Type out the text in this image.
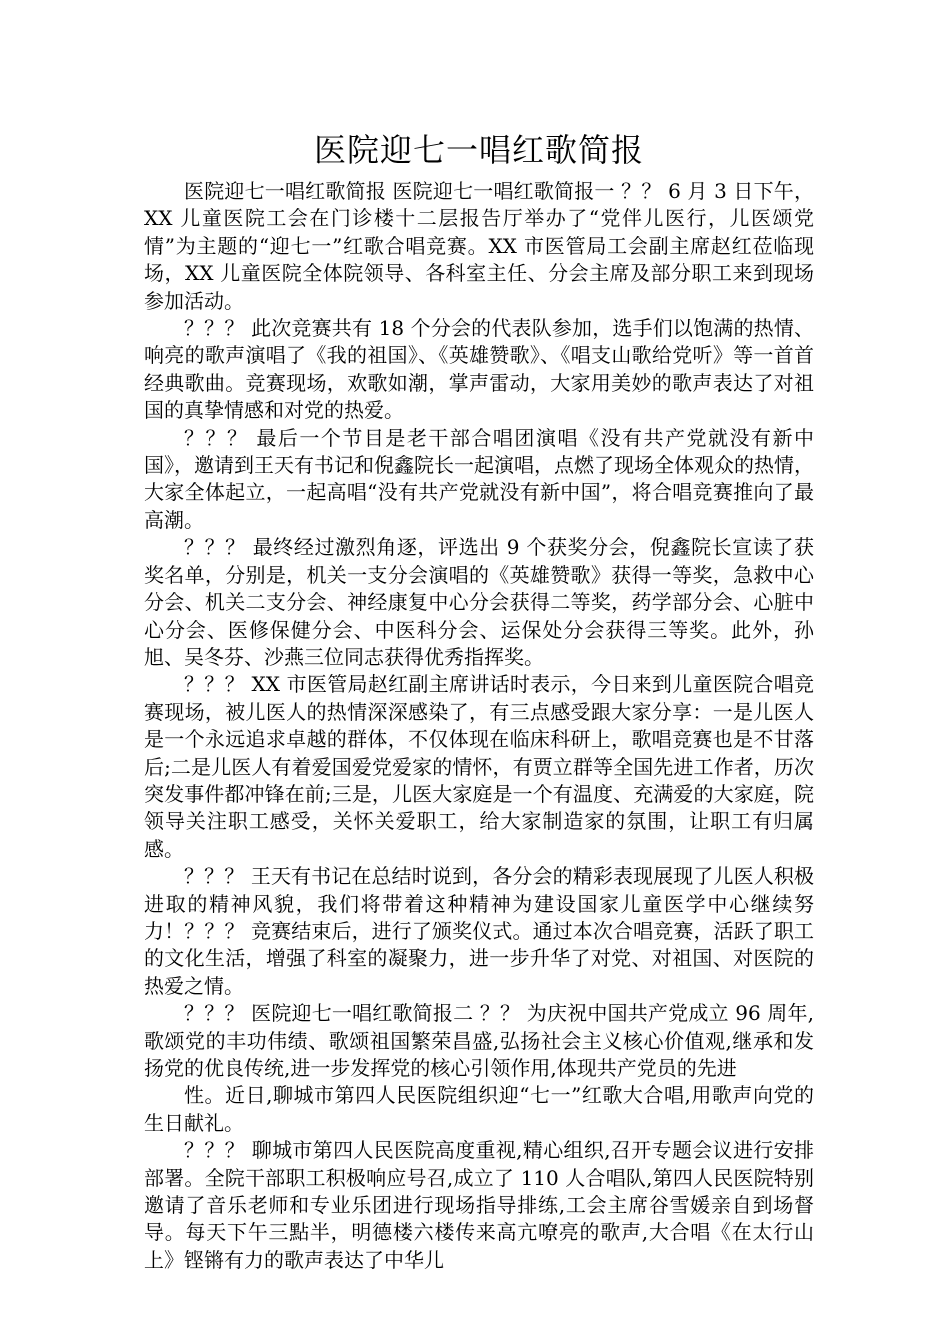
医院迎七一唱红歌简报

医院迎七一唱红歌简报 医院迎七一唱红歌简报一 ？？ 6 月 3 日下午，XX 儿童医院工会在门诊楼十二层报告厅举办了“党伴儿医行，儿医颂党情”为主题的“迎七一”红歌合唱竞赛。XX 市医管局工会副主席赵红莅临现场，XX 儿童医院全体院领导、各科室主任、分会主席及部分职工来到现场参加活动。

？？？ 此次竞赛共有 18 个分会的代表队参加，选手们以饱满的热情、响亮的歌声演唱了《我的祖国》、《英雄赞歌》、《唱支山歌给党听》等一首首经典歌曲。竞赛现场，欢歌如潮，掌声雷动，大家用美妙的歌声表达了对祖国的真挚情感和对党的热爱。

？？？ 最后一个节目是老干部合唱团演唱《没有共产党就没有新中国》，邀请到王天有书记和倪鑫院长一起演唱，点燃了现场全体观众的热情，大家全体起立，一起高唱“没有共产党就没有新中国”，将合唱竞赛推向了最高潮。

？？？ 最终经过激烈角逐，评选出 9 个获奖分会，倪鑫院长宣读了获奖名单，分别是，机关一支分会演唱的《英雄赞歌》获得一等奖，急救中心分会、机关二支分会、神经康复中心分会获得二等奖，药学部分会、心脏中心分会、医修保健分会、中医科分会、运保处分会获得三等奖。此外，孙旭、吴冬芬、沙燕三位同志获得优秀指挥奖。

？？？ XX 市医管局赵红副主席讲话时表示，今日来到儿童医院合唱竞赛现场，被儿医人的热情深深感染了，有三点感受跟大家分享：一是儿医人是一个永远追求卓越的群体，不仅体现在临床科研上，歌唱竞赛也是不甘落后;二是儿医人有着爱国爱党爱家的情怀，有贾立群等全国先进工作者，历次突发事件都冲锋在前;三是，儿医大家庭是一个有温度、充满爱的大家庭，院领导关注职工感受，关怀关爱职工，给大家制造家的氛围，让职工有归属感。

？？？ 王天有书记在总结时说到，各分会的精彩表现展现了儿医人积极进取的精神风貌，我们将带着这种精神为建设国家儿童医学中心继续努力！？？？ 竞赛结束后，进行了颁奖仪式。通过本次合唱竞赛，活跃了职工的文化生活，增强了科室的凝聚力，进一步升华了对党、对祖国、对医院的热爱之情。

？？？ 医院迎七一唱红歌简报二 ？？ 为庆祝中国共产党成立 96 周年,歌颂党的丰功伟绩、歌颂祖国繁荣昌盛,弘扬社会主义核心价值观,继承和发扬党的优良传统,进一步发挥党的核心引领作用,体现共产党员的先进

性。近日,聊城市第四人民医院组织迎“七一”红歌大合唱,用歌声向党的生日献礼。

？？？ 聊城市第四人民医院高度重视,精心组织,召开专题会议进行安排部署。全院干部职工积极响应号召,成立了 110 人合唱队,第四人民医院特别邀请了音乐老师和专业乐团进行现场指导排练,工会主席谷雪媛亲自到场督导。每天下午三點半，明德楼六楼传来高亢嘹亮的歌声,大合唱《在太行山上》铿锵有力的歌声表达了中华儿
